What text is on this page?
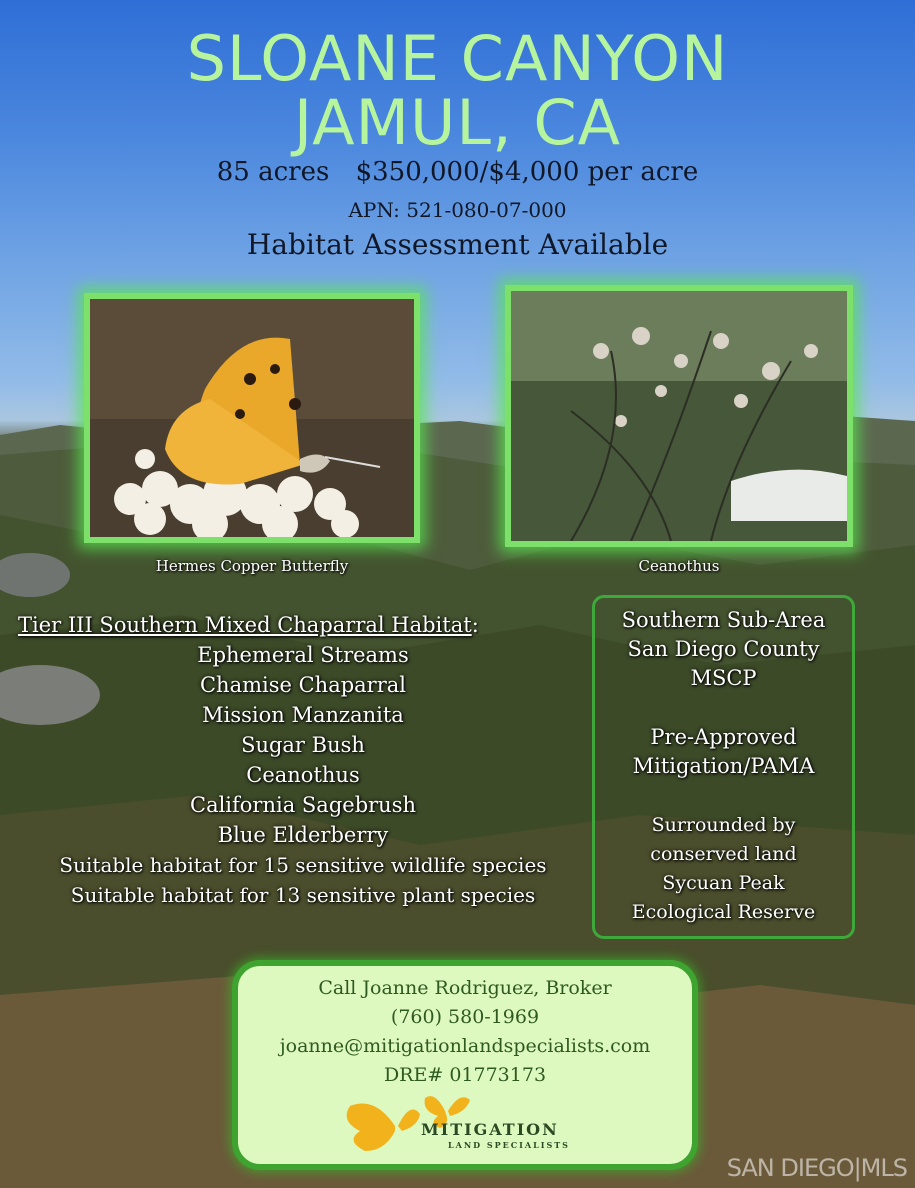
SLOANE CANYON
JAMUL, CA
85 acres $350,000/$4,000 per acre
APN: 521-080-07-000
Habitat Assessment Available
Hermes Copper Butterfly	Ceanothus
Tier III Southern Mixed Chaparral Habitat:
Ephemeral Streams
Chamise Chaparral
Mission Manzanita
Sugar Bush
Ceanothus
California Sagebrush
Blue Elderberry
Suitable habitat for 15 sensitive wildlife species
Suitable habitat for 13 sensitive plant species
Southern Sub-Area
San Diego County
MSCP
Pre-Approved
Mitigation/PAMA
Surrounded by
conserved land
Sycuan Peak
Ecological Reserve
Call Joanne Rodriguez, Broker
(760) 580-1969
joanne@mitigationlandspecialists.com
DRE# 01773173
MITIGATION
LAND SPECIALISTS
SAN DIEGO|MLS
